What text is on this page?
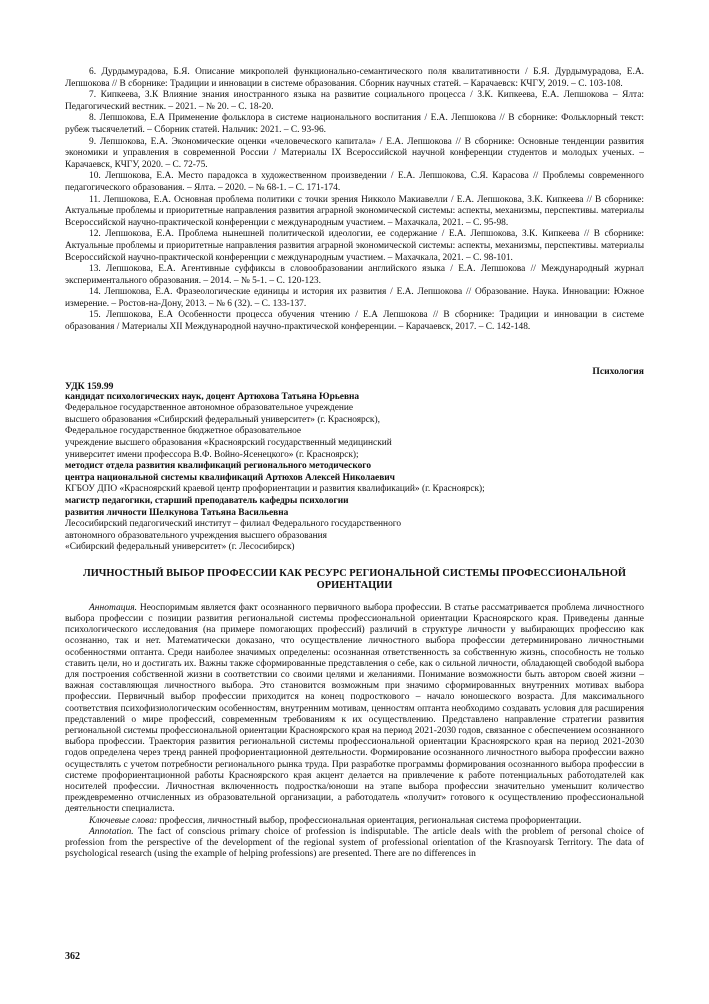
6. Дурдымурадова, Б.Я. Описание микрополей функционально-семантического поля квалитативности / Б.Я. Дурдымурадова, Е.А. Лепшокова // В сборнике: Традиции и инновации в системе образования. Сборник научных статей. – Карачаевск: КЧГУ, 2019. – С. 103-108.

7. Кипкеева, З.К Влияние знания иностранного языка на развитие социального процесса / З.К. Кипкеева, Е.А. Лепшокова – Ялта: Педагогический вестник. – 2021. – № 20. – С. 18-20.

8. Лепшокова, Е.А Применение фольклора в системе национального воспитания / Е.А. Лепшокова // В сборнике: Фольклорный текст: рубеж тысячелетий. – Сборник статей. Нальчик: 2021. – С. 93-96.

9. Лепшокова, Е.А. Экономические оценки «человеческого капитала» / Е.А. Лепшокова // В сборнике: Основные тенденции развития экономики и управления в современной России / Материалы IX Всероссийской научной конференции студентов и молодых ученых. – Карачаевск, КЧГУ, 2020. – С. 72-75.

10. Лепшокова, Е.А. Место парадокса в художественном произведении / Е.А. Лепшокова, С.Я. Карасова // Проблемы современного педагогического образования. – Ялта. – 2020. – № 68-1. – С. 171-174.

11. Лепшокова, Е.А. Основная проблема политики с точки зрения Никколо Макиавелли / Е.А. Лепшокова, З.К. Кипкеева // В сборнике: Актуальные проблемы и приоритетные направления развития аграрной экономической системы: аспекты, механизмы, перспективы. материалы Всероссийской научно-практической конференции с международным участием. – Махачкала, 2021. – С. 95-98.

12. Лепшокова, Е.А. Проблема нынешней политической идеологии, ее содержание / Е.А. Лепшокова, З.К. Кипкеева // В сборнике: Актуальные проблемы и приоритетные направления развития аграрной экономической системы: аспекты, механизмы, перспективы. материалы Всероссийской научно-практической конференции с международным участием. – Махачкала, 2021. – С. 98-101.

13. Лепшокова, Е.А. Агентивные суффиксы в словообразовании английского языка / Е.А. Лепшокова // Международный журнал экспериментального образования. – 2014. – № 5-1. – С. 120-123.

14. Лепшокова, Е.А. Фразеологические единицы и история их развития / Е.А. Лепшокова // Образование. Наука. Инновации: Южное измерение. – Ростов-на-Дону, 2013. – № 6 (32). – С. 133-137.

15. Лепшокова, Е.А Особенности процесса обучения чтению / Е.А Лепшокова // В сборнике: Традиции и инновации в системе образования / Материалы XII Международной научно-практической конференции. – Карачаевск, 2017. – С. 142-148.

Психология
УДК 159.99
кандидат психологических наук, доцент Артюхова Татьяна Юрьевна
Федеральное государственное автономное образовательное учреждение
высшего образования «Сибирский федеральный университет» (г. Красноярск),
Федеральное государственное бюджетное образовательное
учреждение высшего образования «Красноярский государственный медицинский
университет имени профессора В.Ф. Войно-Ясенецкого» (г. Красноярск);
методист отдела развития квалификаций регионального методического
центра национальной системы квалификаций Артюхов Алексей Николаевич
КГБОУ ДПО «Красноярский краевой центр профориентации и развития квалификаций» (г. Красноярск);
магистр педагогики, старший преподаватель кафедры психологии
развития личности Шелкунова Татьяна Васильевна
Лесосибирский педагогический институт – филиал Федерального государственного
автономного образовательного учреждения высшего образования
«Сибирский федеральный университет» (г. Лесосибирск)
ЛИЧНОСТНЫЙ ВЫБОР ПРОФЕССИИ КАК РЕСУРС РЕГИОНАЛЬНОЙ СИСТЕМЫ ПРОФЕССИОНАЛЬНОЙ ОРИЕНТАЦИИ

Аннотация. Неоспоримым является факт осознанного первичного выбора профессии. В статье рассматривается проблема личностного выбора профессии с позиции развития региональной системы профессиональной ориентации Красноярского края. Приведены данные психологического исследования (на примере помогающих профессий) различий в структуре личности у выбирающих профессию как осознанно, так и нет. Математически доказано, что осуществление личностного выбора профессии детерминировано личностными особенностями оптанта. Среди наиболее значимых определены: осознанная ответственность за собственную жизнь, способность не только ставить цели, но и достигать их. Важны также сформированные представления о себе, как о сильной личности, обладающей свободой выбора для построения собственной жизни в соответствии со своими целями и желаниями. Понимание возможности быть автором своей жизни – важная составляющая личностного выбора. Это становится возможным при значимо сформированных внутренних мотивах выбора профессии. Первичный выбор профессии приходится на конец подросткового – начало юношеского возраста. Для максимального соответствия психофизиологическим особенностям, внутренним мотивам, ценностям оптанта необходимо создавать условия для расширения представлений о мире профессий, современным требованиям к их осуществлению. Представлено направление стратегии развития региональной системы профессиональной ориентации Красноярского края на период 2021-2030 годов, связанное с обеспечением осознанного выбора профессии. Траектория развития региональной системы профессиональной ориентации Красноярского края на период 2021-2030 годов определена через тренд ранней профориентационной деятельности. Формирование осознанного личностного выбора профессии важно осуществлять с учетом потребности регионального рынка труда. При разработке программы формирования осознанного выбора профессии в системе профориентационной работы Красноярского края акцент делается на привлечение к работе потенциальных работодателей как носителей профессии. Личностная включенность подростка/юноши на этапе выбора профессии значительно уменьшит количество преждевременно отчисленных из образовательной организации, а работодатель «получит» готового к осуществлению профессиональной деятельности специалиста.

Ключевые слова: профессия, личностный выбор, профессиональная ориентация, региональная система профориентации.

Annotation. The fact of conscious primary choice of profession is indisputable. The article deals with the problem of personal choice of profession from the perspective of the development of the regional system of professional orientation of the Krasnoyarsk Territory. The data of psychological research (using the example of helping professions) are presented. There are no differences in

362
